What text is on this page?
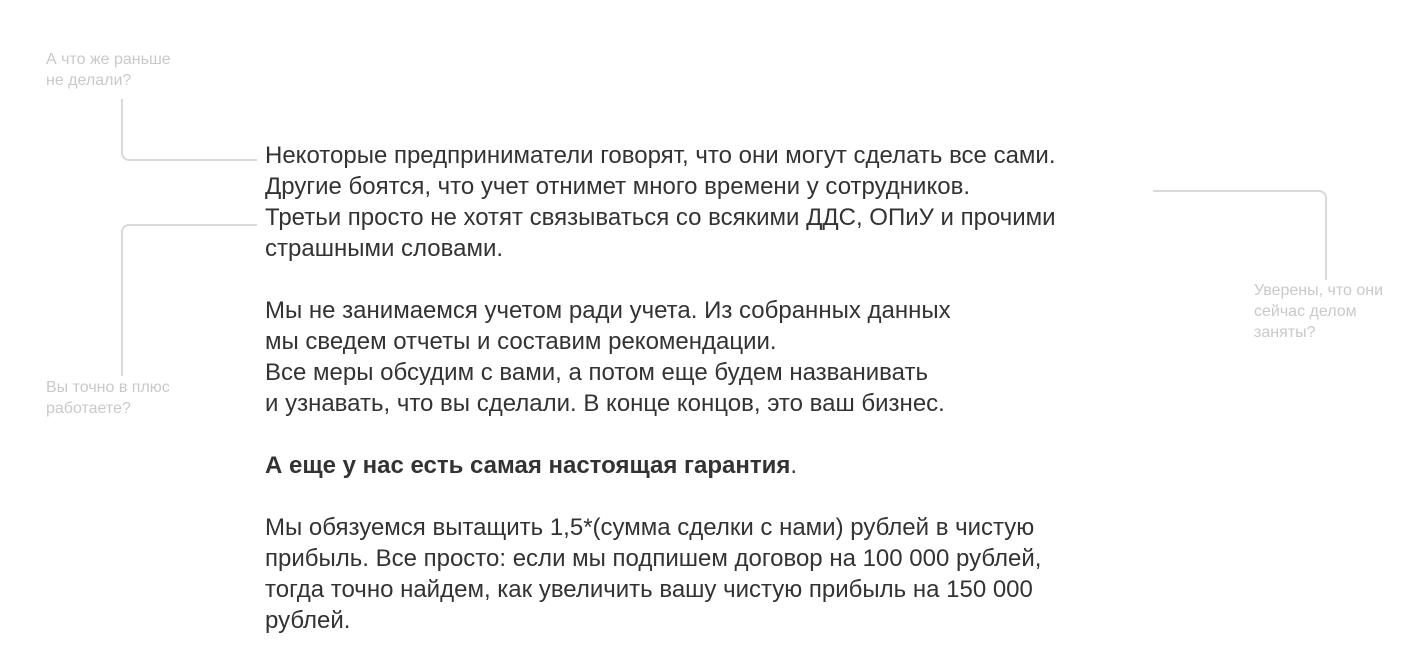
А что же раньше
не делали?
Вы точно в плюс
работаете?
Уверены, что они
сейчас делом
заняты?

Некоторые предприниматели говорят, что они могут сделать все сами.
Другие боятся, что учет отнимет много времени у сотрудников.
Третьи просто не хотят связываться со всякими ДДС, ОПиУ и прочими
страшными словами.

Мы не занимаемся учетом ради учета. Из собранных данных
мы сведем отчеты и составим рекомендации.
Все меры обсудим с вами, а потом еще будем названивать
и узнавать, что вы сделали. В конце концов, это ваш бизнес.

А еще у нас есть самая настоящая гарантия.

Мы обязуемся вытащить 1,5*(сумма сделки с нами) рублей в чистую
прибыль. Все просто: если мы подпишем договор на 100 000 рублей,
тогда точно найдем, как увеличить вашу чистую прибыль на 150 000
рублей.
